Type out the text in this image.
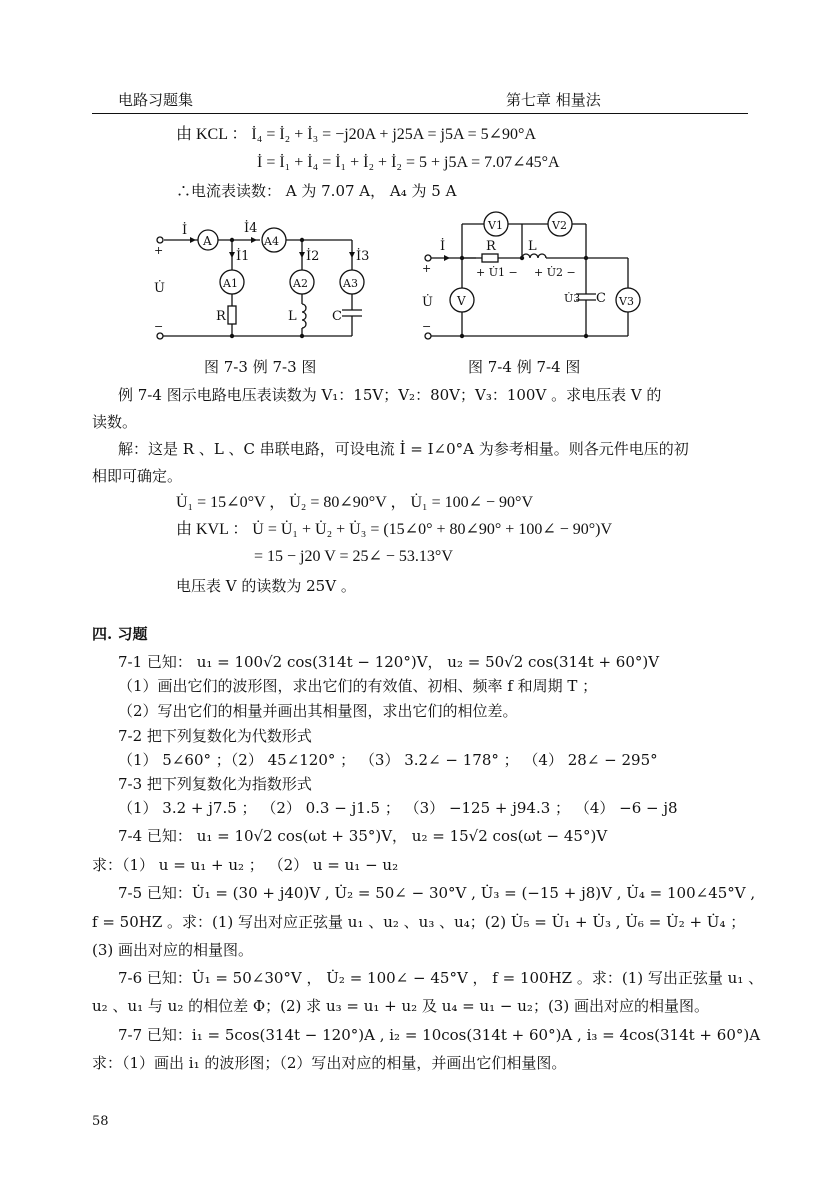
电路习题集	第七章 相量法
由 KCL ： İ₄ = İ₂ + İ₃ = −j20A + j25A = j5A = 5∠90°A
İ = İ₁ + İ₄ = İ₁ + İ₂ + İ₂ = 5 + j5A = 7.07∠45°A
∴电流表读数： A 为 7.07 A， A₄ 为 5 A
İ	İ4
İ1	İ2	İ3
A	A4
A1	A2	A3
+
−
U̇
R	L	C
V1	V2
V3
V
İ	R L
C
+ U̇1 − + U̇2 −
U̇3
+
−
U̇
图 7-3 例 7-3 图	图 7-4 例 7-4 图
例 7-4 图示电路电压表读数为 V₁：15V；V₂：80V；V₃：100V 。求电压表 V 的
读数。
解：这是 R 、L 、C 串联电路，可设电流 İ = I∠0°A 为参考相量。则各元件电压的初
相即可确定。
U̇₁ = 15∠0°V ， U̇₂ = 80∠90°V ， U̇₁ = 100∠ − 90°V
由 KVL ： U̇ = U̇₁ + U̇₂ + U̇₃ = (15∠0° + 80∠90° + 100∠ − 90°)V
= 15 − j20 V = 25∠ − 53.13°V
电压表 V 的读数为 25V 。
四. 习题
7-1 已知： u₁ = 100√2 cos(314t − 120°)V， u₂ = 50√2 cos(314t + 60°)V
（1）画出它们的波形图，求出它们的有效值、初相、频率 f 和周期 T ；
（2）写出它们的相量并画出其相量图，求出它们的相位差。
7-2 把下列复数化为代数形式
（1） 5∠60° ；（2） 45∠120° ； （3） 3.2∠ − 178° ； （4） 28∠ − 295°
7-3 把下列复数化为指数形式
（1） 3.2 + j7.5 ； （2） 0.3 − j1.5 ； （3） −125 + j94.3 ； （4） −6 − j8
7-4 已知： u₁ = 10√2 cos(ωt + 35°)V， u₂ = 15√2 cos(ωt − 45°)V
求：（1） u = u₁ + u₂ ； （2） u = u₁ − u₂
7-5 已知：U̇₁ = (30 + j40)V , U̇₂ = 50∠ − 30°V , U̇₃ = (−15 + j8)V , U̇₄ = 100∠45°V ,
f = 50HZ 。求：(1) 写出对应正弦量 u₁ 、u₂ 、u₃ 、u₄；(2) U̇₅ = U̇₁ + U̇₃ , U̇₆ = U̇₂ + U̇₄ ；
(3) 画出对应的相量图。
7-6 已知：U̇₁ = 50∠30°V ， U̇₂ = 100∠ − 45°V ， f = 100HZ 。求：(1) 写出正弦量 u₁ 、
u₂ 、u₁ 与 u₂ 的相位差 Φ；(2) 求 u₃ = u₁ + u₂ 及 u₄ = u₁ − u₂；(3) 画出对应的相量图。
7-7 已知：i₁ = 5cos(314t − 120°)A , i₂ = 10cos(314t + 60°)A , i₃ = 4cos(314t + 60°)A
求：（1）画出 i₁ 的波形图；（2）写出对应的相量，并画出它们相量图。
58
